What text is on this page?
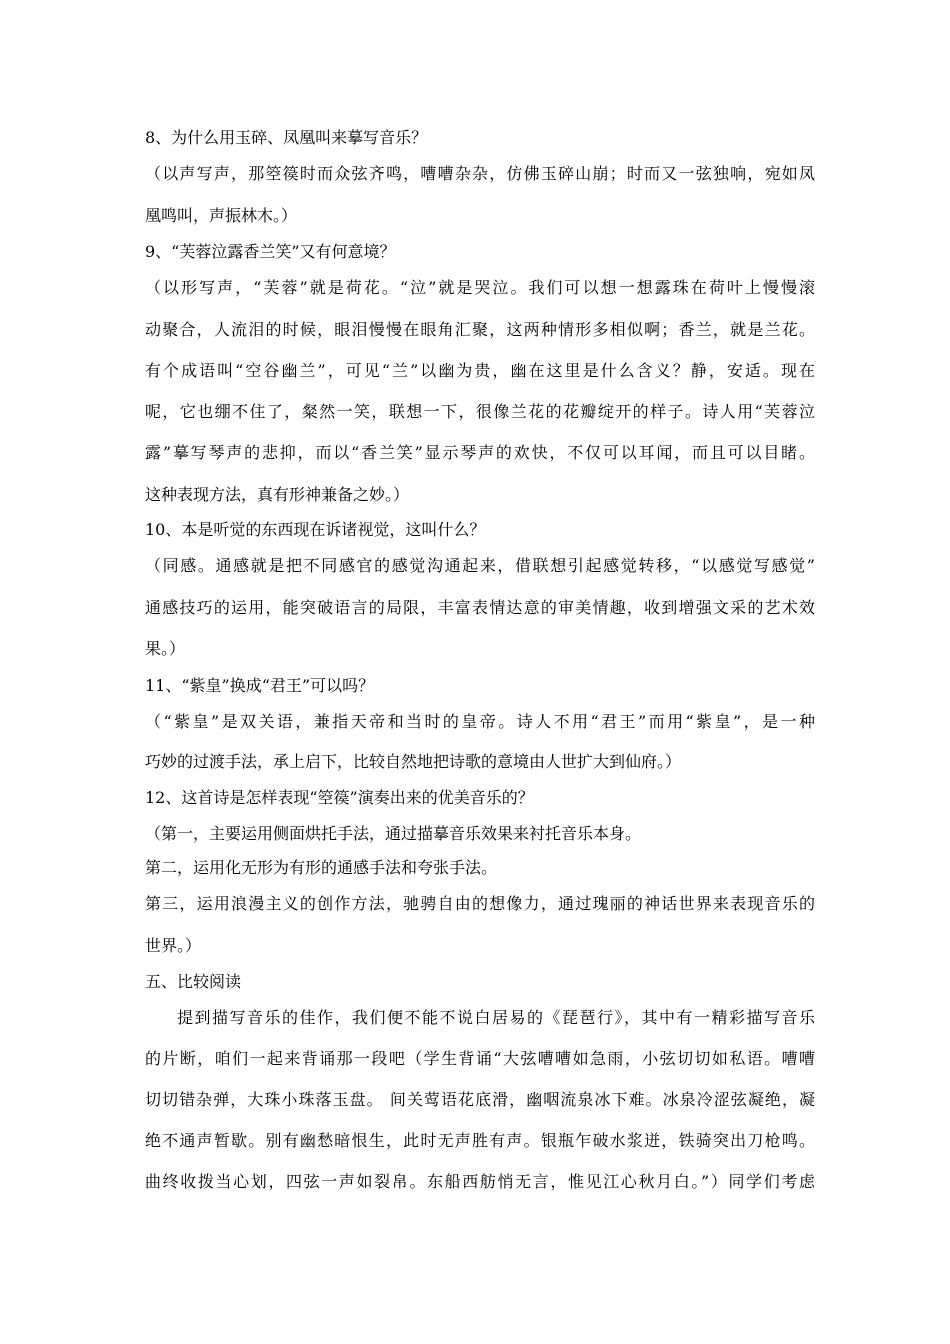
8、为什么用玉碎、凤凰叫来摹写音乐？
（以声写声，那箜篌时而众弦齐鸣，嘈嘈杂杂，仿佛玉碎山崩；时而又一弦独响，宛如凤
凰鸣叫，声振林木。）
9、“芙蓉泣露香兰笑”又有何意境？
（以形写声，“芙蓉”就是荷花。“泣”就是哭泣。我们可以想一想露珠在荷叶上慢慢滚
动聚合，人流泪的时候，眼泪慢慢在眼角汇聚，这两种情形多相似啊；香兰，就是兰花。
有个成语叫“空谷幽兰”，可见“兰”以幽为贵，幽在这里是什么含义？静，安适。现在
呢，它也绷不住了，粲然一笑，联想一下，很像兰花的花瓣绽开的样子。诗人用“芙蓉泣
露”摹写琴声的悲抑，而以“香兰笑”显示琴声的欢快，不仅可以耳闻，而且可以目睹。
这种表现方法，真有形神兼备之妙。）
10、本是听觉的东西现在诉诸视觉，这叫什么？
（同感。通感就是把不同感官的感觉沟通起来，借联想引起感觉转移，“以感觉写感觉”
通感技巧的运用，能突破语言的局限，丰富表情达意的审美情趣，收到增强文采的艺术效
果。）
11、“紫皇”换成“君王”可以吗？
（“紫皇”是双关语，兼指天帝和当时的皇帝。诗人不用“君王”而用“紫皇”，是一种
巧妙的过渡手法，承上启下，比较自然地把诗歌的意境由人世扩大到仙府。）
12、这首诗是怎样表现“箜篌”演奏出来的优美音乐的？
（第一，主要运用侧面烘托手法，通过描摹音乐效果来衬托音乐本身。
第二，运用化无形为有形的通感手法和夸张手法。
第三，运用浪漫主义的创作方法，驰骋自由的想像力，通过瑰丽的神话世界来表现音乐的
世界。）
五、比较阅读
提到描写音乐的佳作，我们便不能不说白居易的《琵琶行》，其中有一精彩描写音乐
的片断，咱们一起来背诵那一段吧（学生背诵“大弦嘈嘈如急雨，小弦切切如私语。嘈嘈
切切错杂弹，大珠小珠落玉盘。 间关莺语花底滑，幽咽流泉冰下难。冰泉冷涩弦凝绝，凝
绝不通声暂歇。别有幽愁暗恨生，此时无声胜有声。银瓶乍破水浆迸，铁骑突出刀枪鸣。
曲终收拨当心划，四弦一声如裂帛。东船西舫悄无言，惟见江心秋月白。”）同学们考虑
